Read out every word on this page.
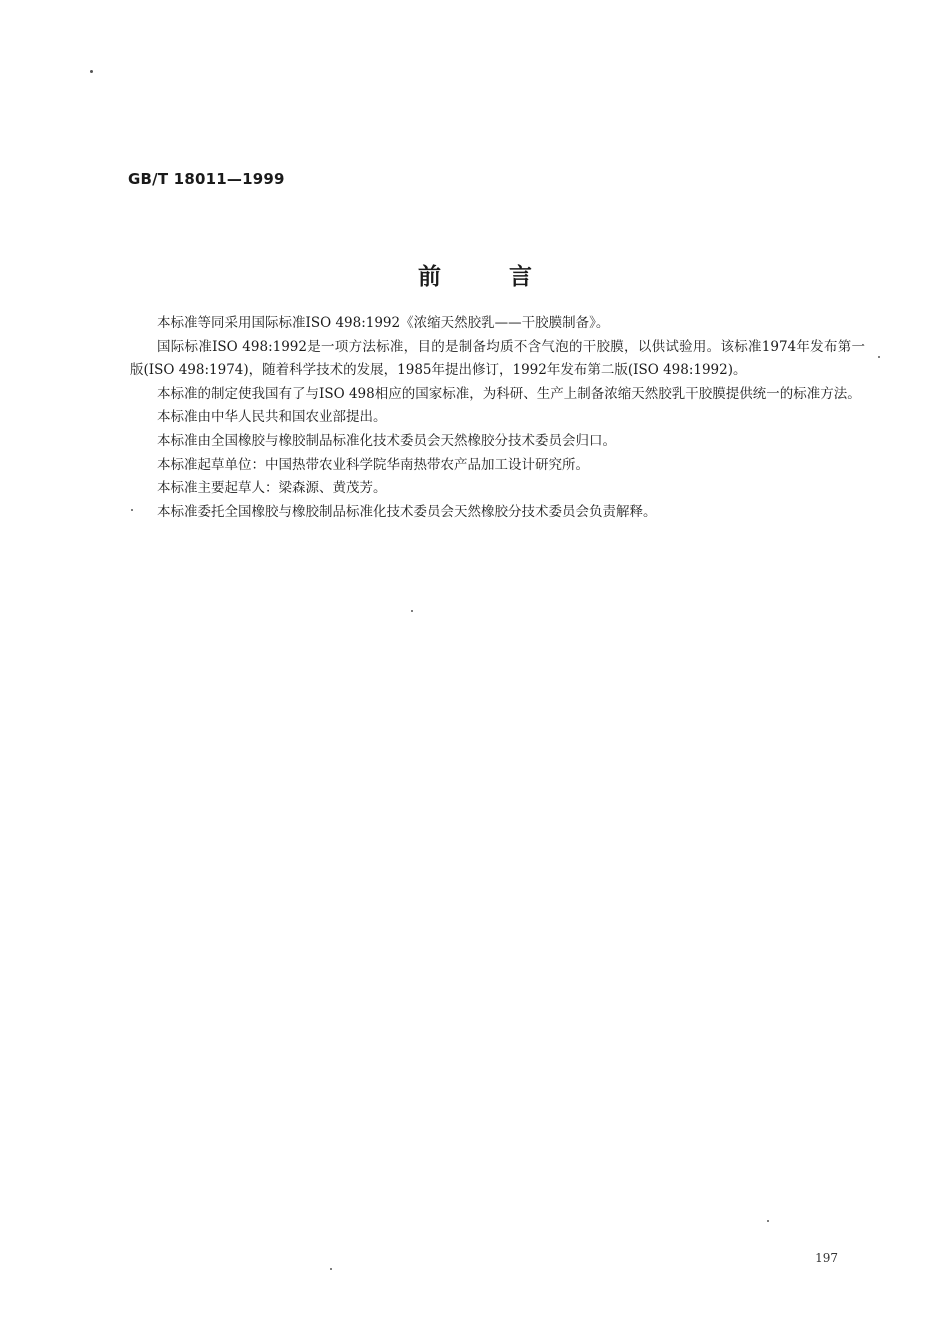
GB/T 18011—1999
前言

本标准等同采用国际标准ISO 498:1992《浓缩天然胶乳——干胶膜制备》。

国际标准ISO 498:1992是一项方法标准，目的是制备均质不含气泡的干胶膜，以供试验用。该标准1974年发布第一版(ISO 498:1974)，随着科学技术的发展，1985年提出修订，1992年发布第二版(ISO 498:1992)。

本标准的制定使我国有了与ISO 498相应的国家标准，为科研、生产上制备浓缩天然胶乳干胶膜提供统一的标准方法。

本标准由中华人民共和国农业部提出。

本标准由全国橡胶与橡胶制品标准化技术委员会天然橡胶分技术委员会归口。

本标准起草单位：中国热带农业科学院华南热带农产品加工设计研究所。

本标准主要起草人：梁森源、黄茂芳。

本标准委托全国橡胶与橡胶制品标准化技术委员会天然橡胶分技术委员会负责解释。

197
